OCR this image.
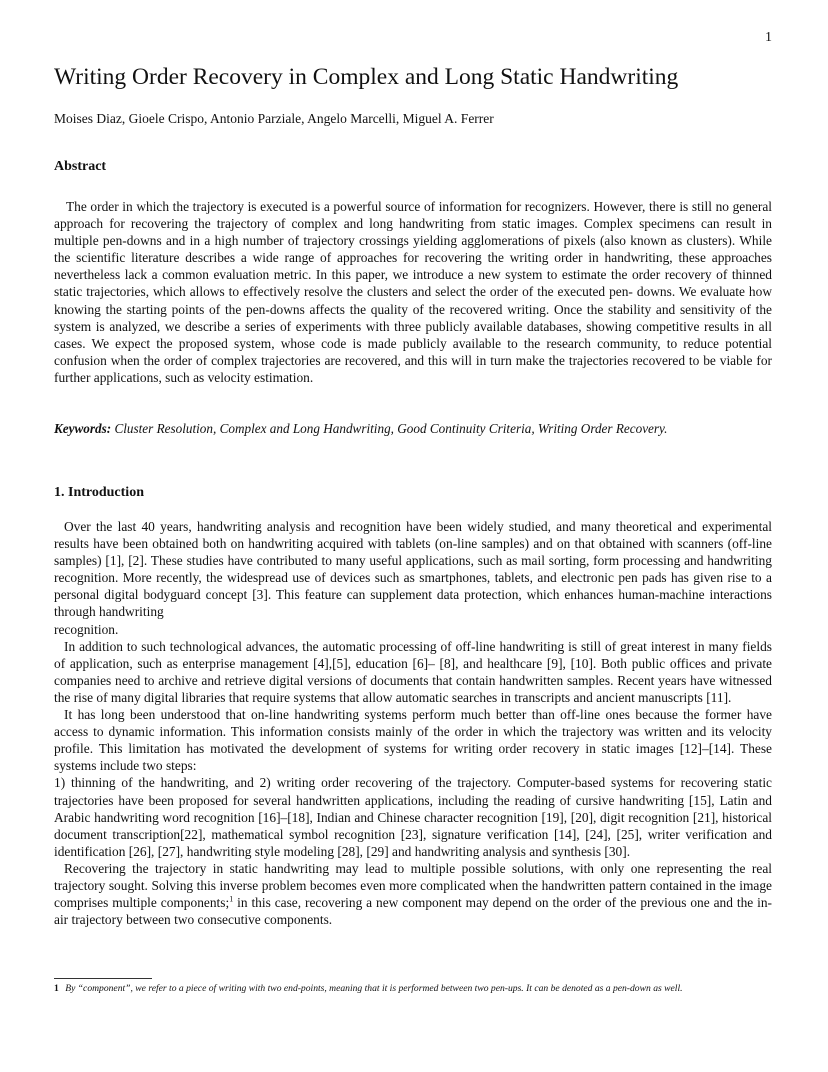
1
Writing Order Recovery in Complex and Long Static Handwriting
Moises Diaz, Gioele Crispo, Antonio Parziale, Angelo Marcelli, Miguel A. Ferrer
Abstract

The order in which the trajectory is executed is a powerful source of information for recognizers. However, there is still no general approach for recovering the trajectory of complex and long handwriting from static images. Complex specimens can result in multiple pen-downs and in a high number of trajectory crossings yielding agglomerations of pixels (also known as clusters). While the scientific literature describes a wide range of approaches for recovering the writing order in handwriting, these approaches nevertheless lack a common evaluation metric. In this paper, we introduce a new system to estimate the order recovery of thinned static trajectories, which allows to effectively resolve the clusters and select the order of the executed pen- downs. We evaluate how knowing the starting points of the pen-downs affects the quality of the recovered writing. Once the stability and sensitivity of the system is analyzed, we describe a series of experiments with three publicly available databases, showing competitive results in all cases. We expect the proposed system, whose code is made publicly available to the research community, to reduce potential confusion when the order of complex trajectories are recovered, and this will in turn make the trajectories recovered to be viable for further applications, such as velocity estimation.

Keywords: Cluster Resolution, Complex and Long Handwriting, Good Continuity Criteria, Writing Order Recovery.
1. Introduction

Over the last 40 years, handwriting analysis and recognition have been widely studied, and many theoretical and experimental results have been obtained both on handwriting acquired with tablets (on-line samples) and on that obtained with scanners (off-line samples) [1], [2]. These studies have contributed to many useful applications, such as mail sorting, form processing and handwriting recognition. More recently, the widespread use of devices such as smartphones, tablets, and electronic pen pads has given rise to a personal digital bodyguard concept [3]. This feature can supplement data protection, which enhances human-machine interactions through handwriting
recognition.

In addition to such technological advances, the automatic processing of off-line handwriting is still of great interest in many fields of application, such as enterprise management [4],[5], education [6]– [8], and healthcare [9], [10]. Both public offices and private companies need to archive and retrieve digital versions of documents that contain handwritten samples. Recent years have witnessed the rise of many digital libraries that require systems that allow automatic searches in transcripts and ancient manuscripts [11].

It has long been understood that on-line handwriting systems perform much better than off-line ones because the former have access to dynamic information. This information consists mainly of the order in which the trajectory was written and its velocity profile. This limitation has motivated the development of systems for writing order recovery in static images [12]–[14]. These systems include two steps:

1) thinning of the handwriting, and 2) writing order recovering of the trajectory. Computer-based systems for recovering static trajectories have been proposed for several handwritten applications, including the reading of cursive handwriting [15], Latin and Arabic handwriting word recognition [16]–[18], Indian and Chinese character recognition [19], [20], digit recognition [21], historical document transcription[22], mathematical symbol recognition [23], signature verification [14], [24], [25], writer verification and identification [26], [27], handwriting style modeling [28], [29] and handwriting analysis and synthesis [30].

Recovering the trajectory in static handwriting may lead to multiple possible solutions, with only one representing the real trajectory sought. Solving this inverse problem becomes even more complicated when the handwritten pattern contained in the image comprises multiple components;$^1$ in this case, recovering a new component may depend on the order of the previous one and the in-air trajectory between two consecutive components.

1 By “component”, we refer to a piece of writing with two end-points, meaning that it is performed between two pen-ups. It can be denoted as a pen-down as well.
